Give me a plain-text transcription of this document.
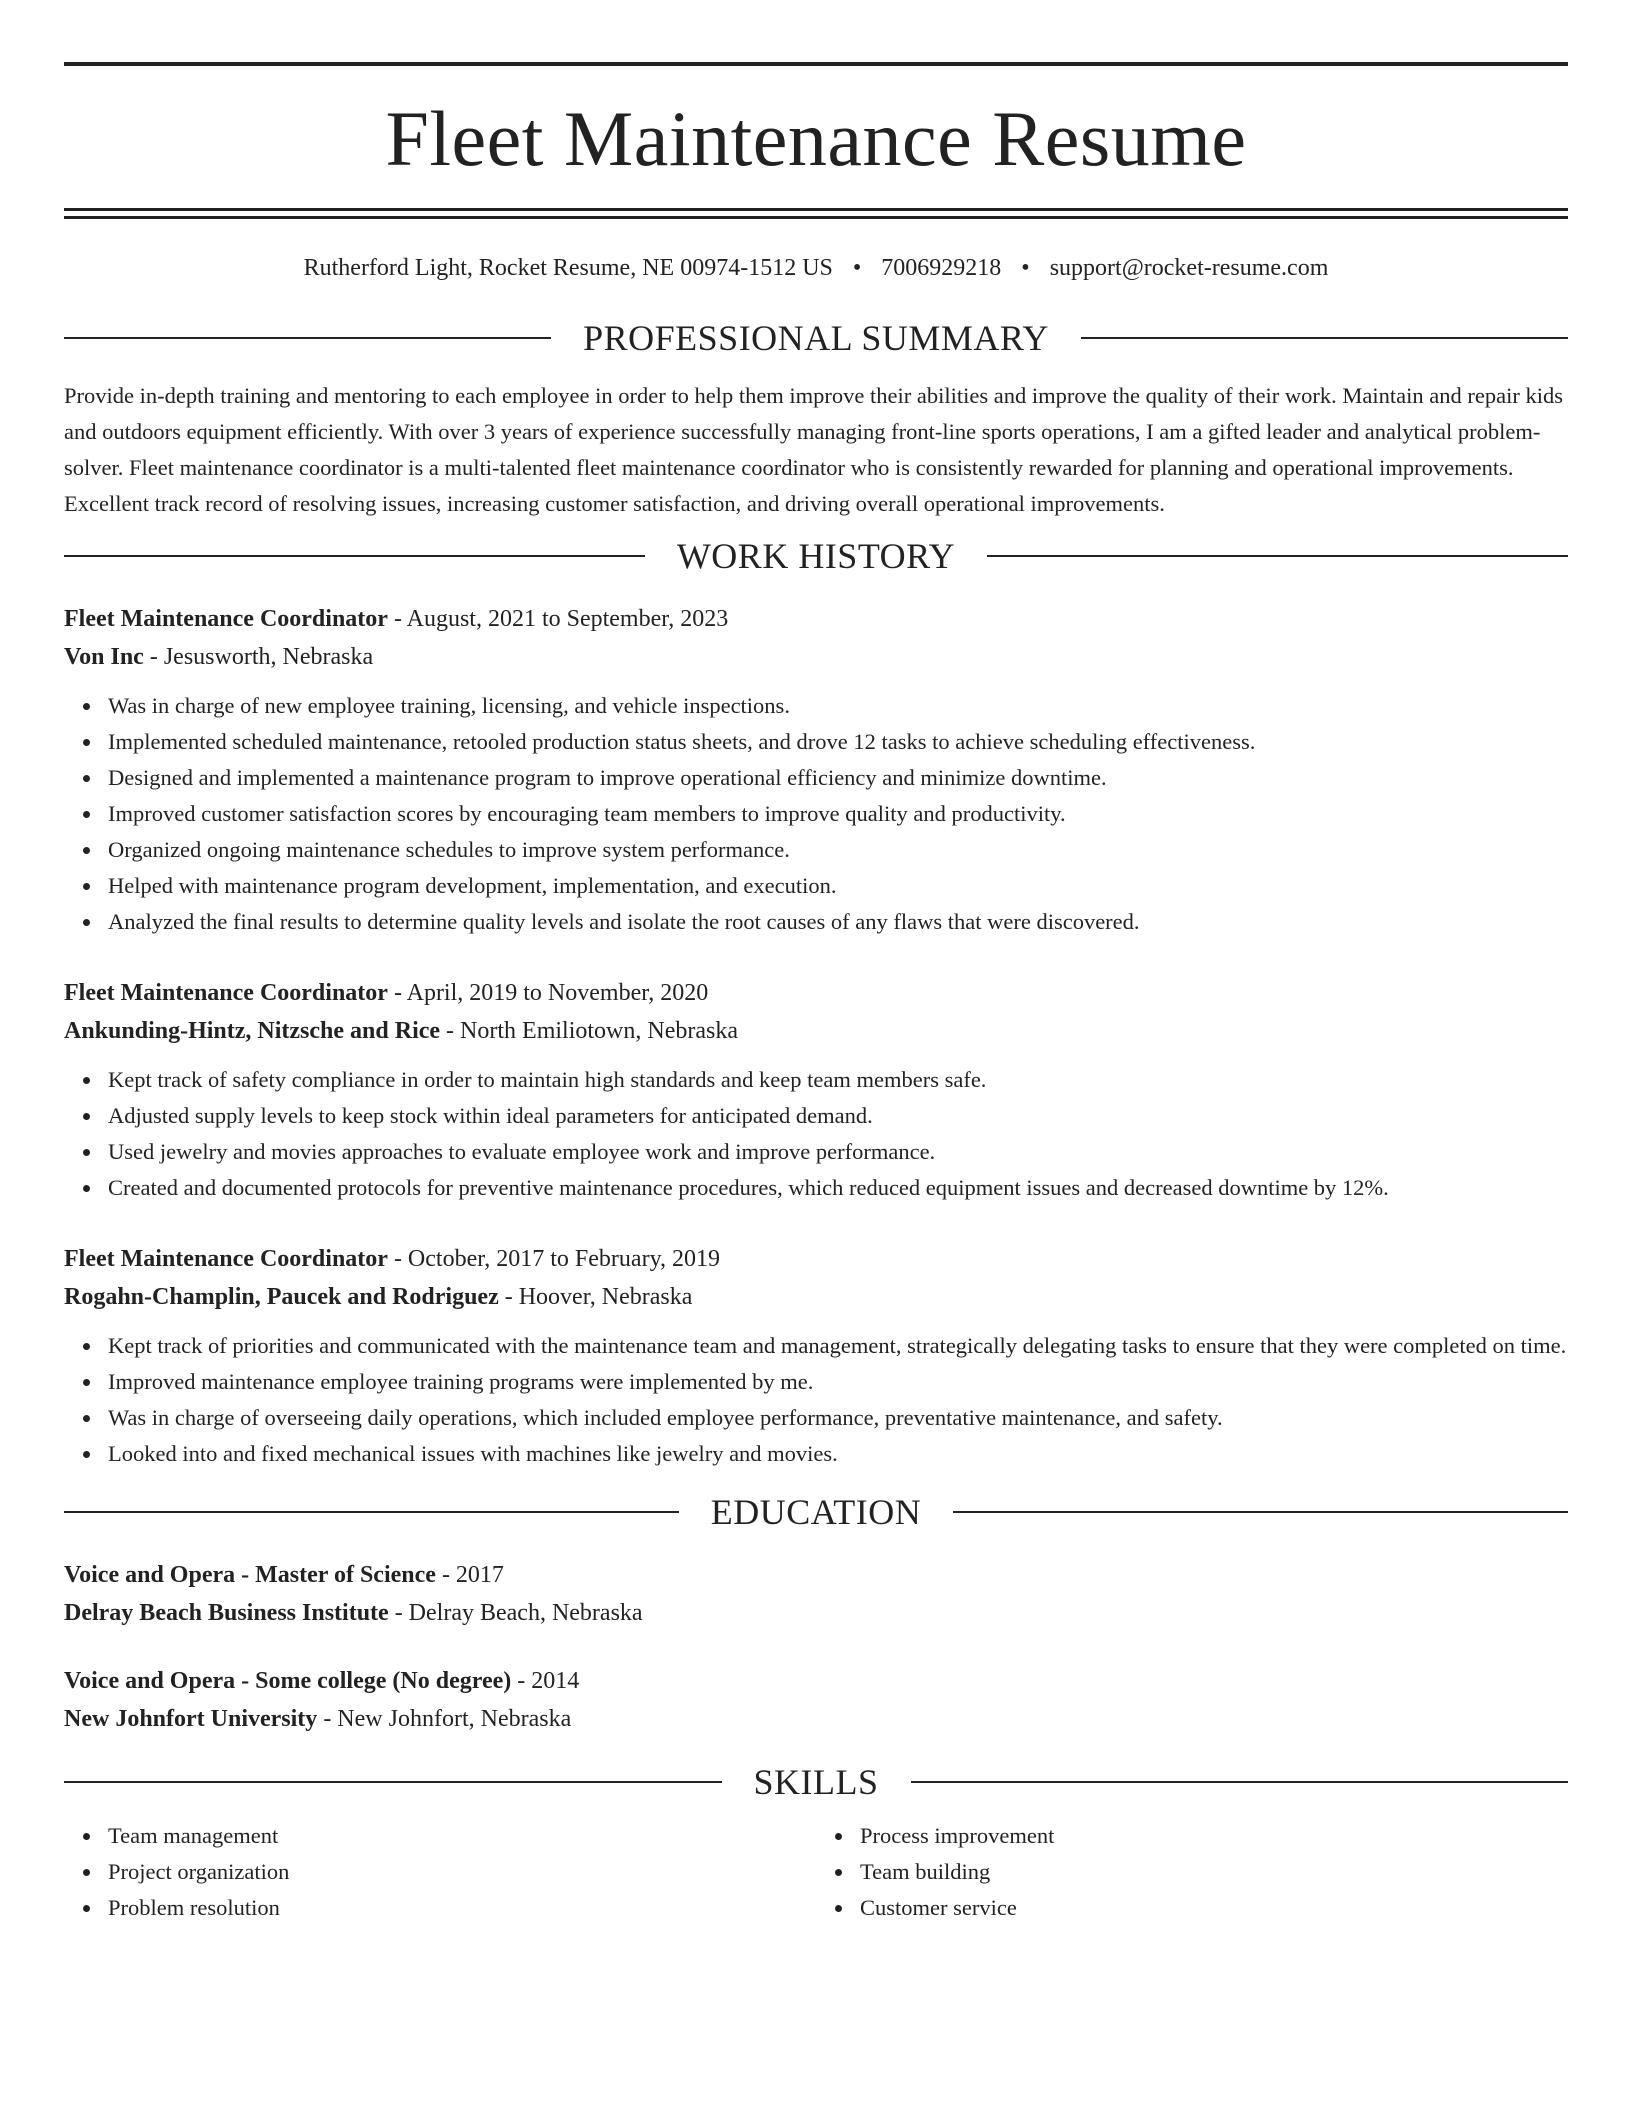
Fleet Maintenance Resume
Rutherford Light, Rocket Resume, NE 00974-1512 US • 7006929218 • support@rocket-resume.com
PROFESSIONAL SUMMARY

Provide in-depth training and mentoring to each employee in order to help them improve their abilities and improve the quality of their work. Maintain and repair kids and outdoors equipment efficiently. With over 3 years of experience successfully managing front-line sports operations, I am a gifted leader and analytical problem-solver. Fleet maintenance coordinator is a multi-talented fleet maintenance coordinator who is consistently rewarded for planning and operational improvements. Excellent track record of resolving issues, increasing customer satisfaction, and driving overall operational improvements.

WORK HISTORY
Fleet Maintenance Coordinator - August, 2021 to September, 2023
Von Inc - Jesusworth, Nebraska
Was in charge of new employee training, licensing, and vehicle inspections.
Implemented scheduled maintenance, retooled production status sheets, and drove 12 tasks to achieve scheduling effectiveness.
Designed and implemented a maintenance program to improve operational efficiency and minimize downtime.
Improved customer satisfaction scores by encouraging team members to improve quality and productivity.
Organized ongoing maintenance schedules to improve system performance.
Helped with maintenance program development, implementation, and execution.
Analyzed the final results to determine quality levels and isolate the root causes of any flaws that were discovered.
Fleet Maintenance Coordinator - April, 2019 to November, 2020
Ankunding-Hintz, Nitzsche and Rice - North Emiliotown, Nebraska
Kept track of safety compliance in order to maintain high standards and keep team members safe.
Adjusted supply levels to keep stock within ideal parameters for anticipated demand.
Used jewelry and movies approaches to evaluate employee work and improve performance.
Created and documented protocols for preventive maintenance procedures, which reduced equipment issues and decreased downtime by 12%.
Fleet Maintenance Coordinator - October, 2017 to February, 2019
Rogahn-Champlin, Paucek and Rodriguez - Hoover, Nebraska
Kept track of priorities and communicated with the maintenance team and management, strategically delegating tasks to ensure that they were completed on time.
Improved maintenance employee training programs were implemented by me.
Was in charge of overseeing daily operations, which included employee performance, preventative maintenance, and safety.
Looked into and fixed mechanical issues with machines like jewelry and movies.
EDUCATION
Voice and Opera - Master of Science - 2017
Delray Beach Business Institute - Delray Beach, Nebraska
Voice and Opera - Some college (No degree) - 2014
New Johnfort University - New Johnfort, Nebraska
SKILLS
Team management
Project organization
Problem resolution
Process improvement
Team building
Customer service
